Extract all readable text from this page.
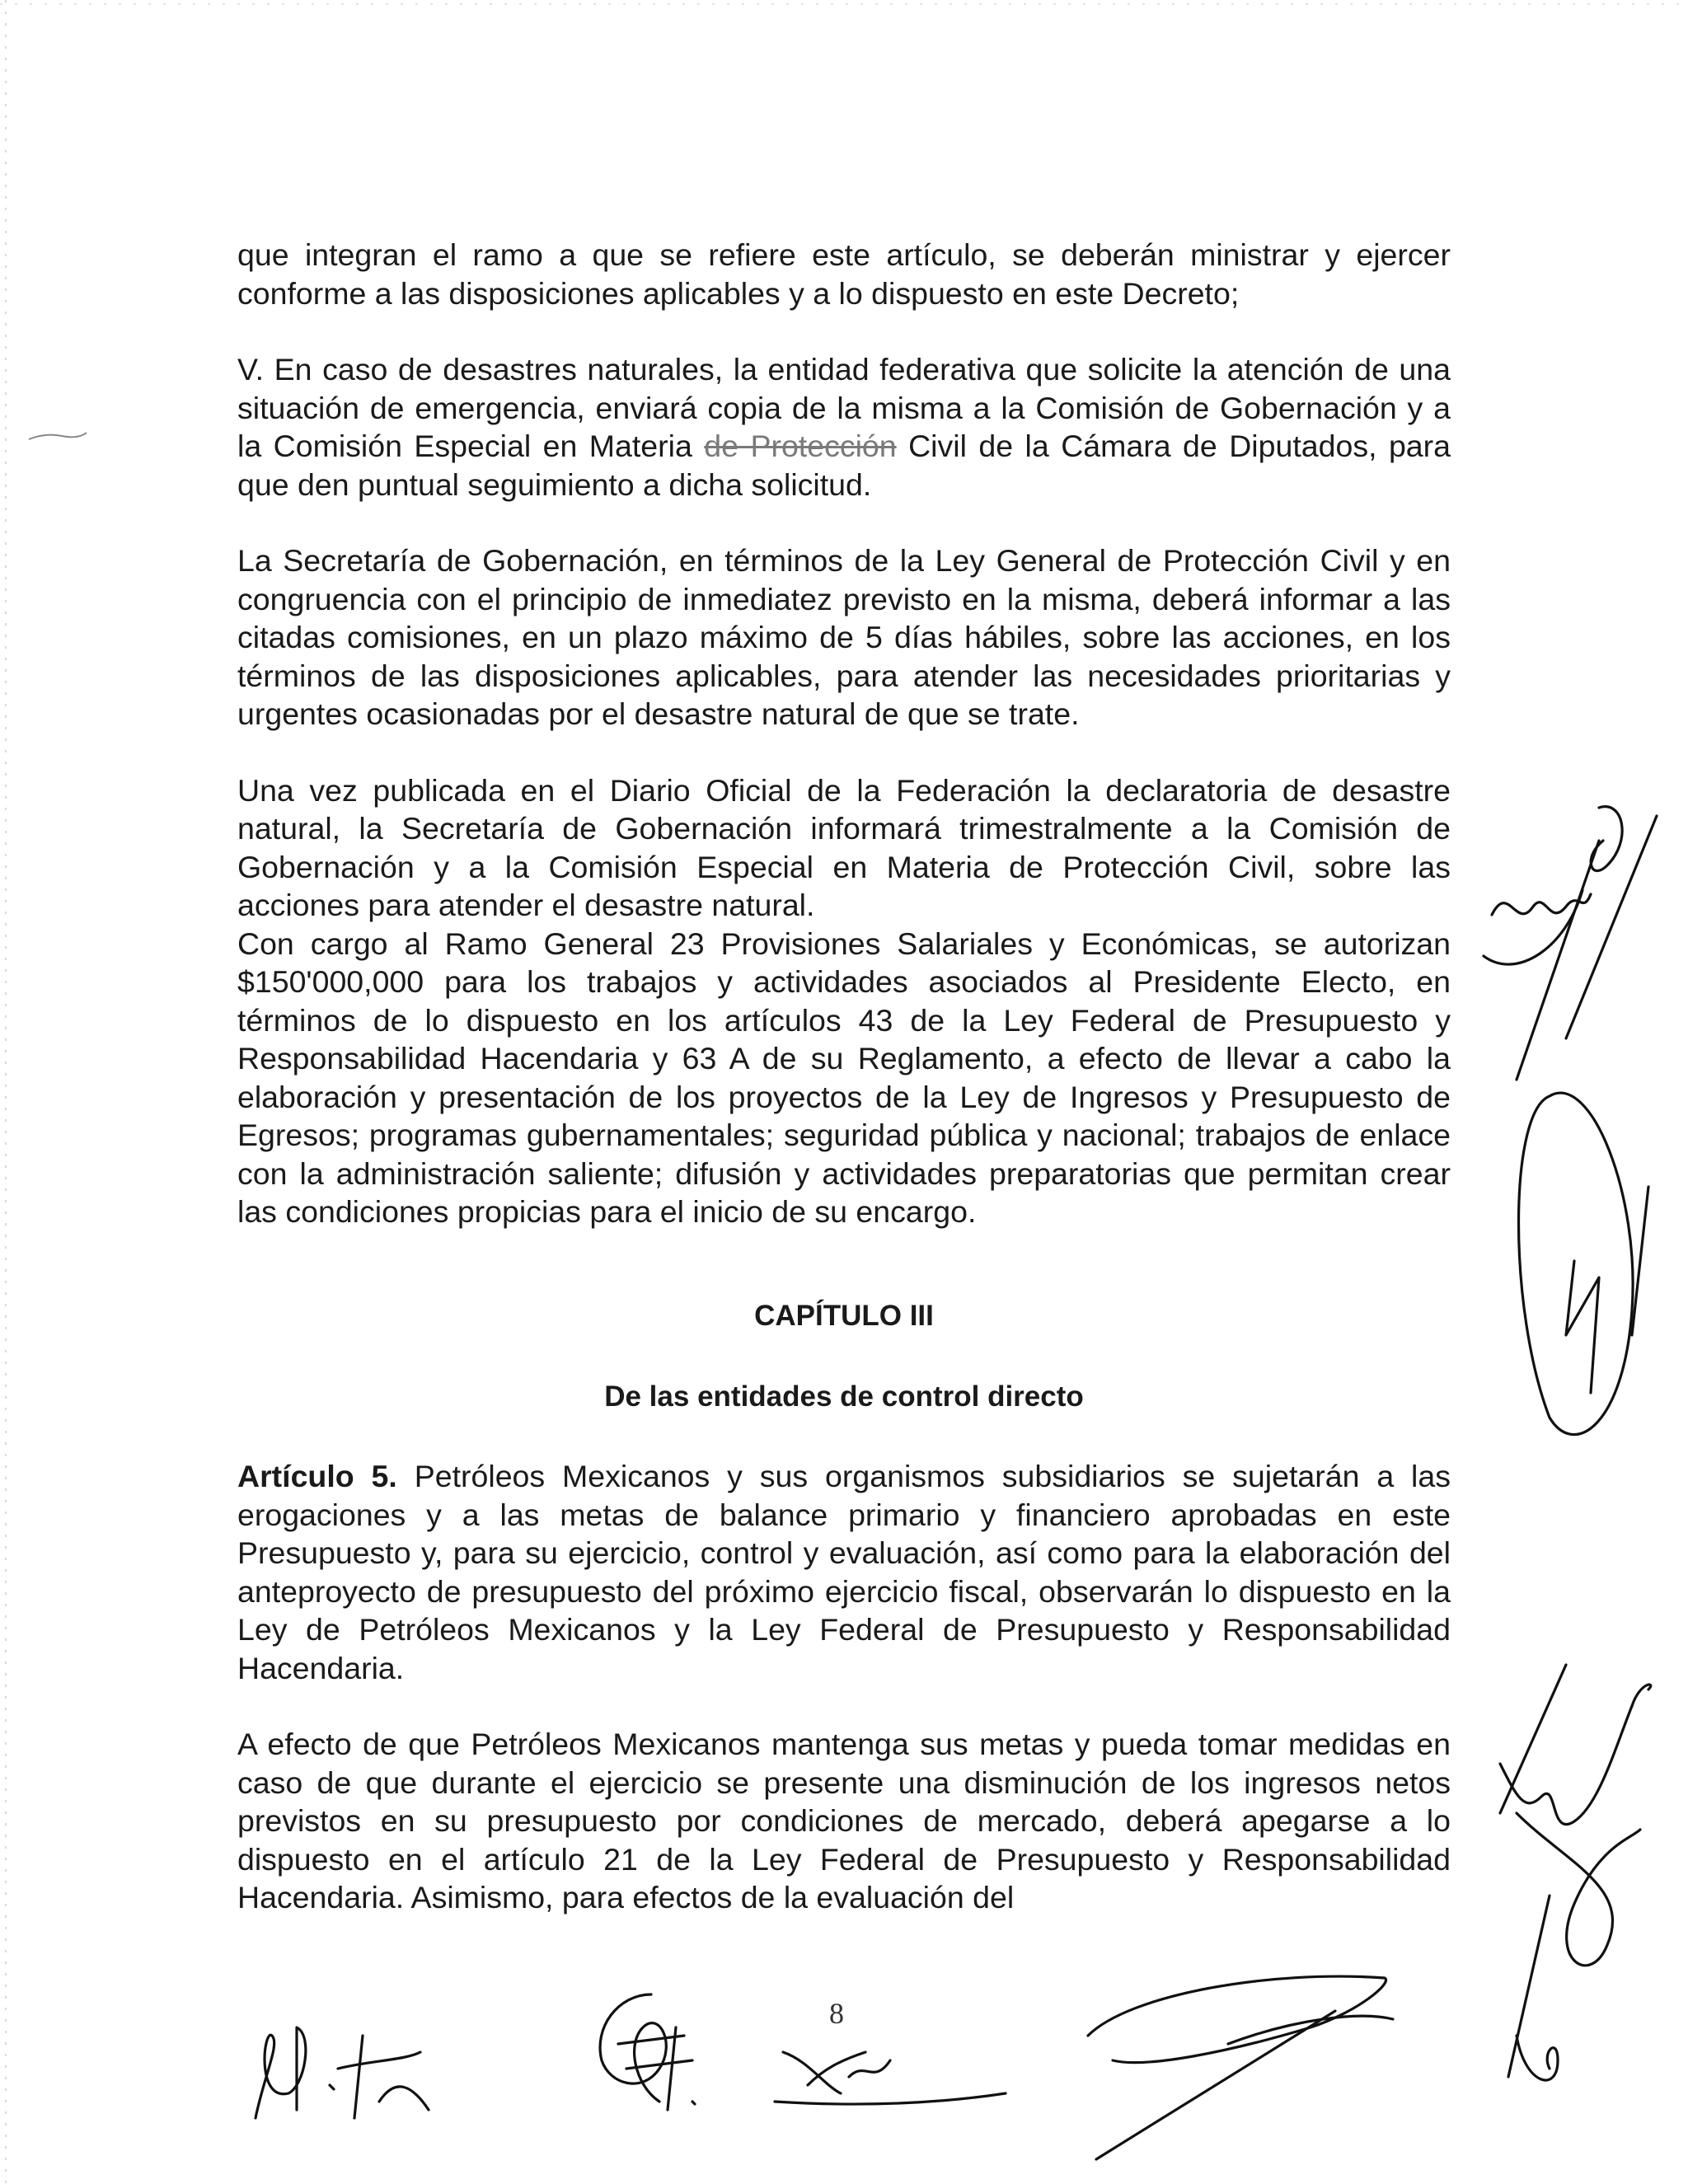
que integran el ramo a que se refiere este artículo, se deberán ministrar y ejercer conforme a las disposiciones aplicables y a lo dispuesto en este Decreto;

V. En caso de desastres naturales, la entidad federativa que solicite la atención de una situación de emergencia, enviará copia de la misma a la Comisión de Gobernación y a la Comisión Especial en Materia de Protección Civil de la Cámara de Diputados, para que den puntual seguimiento a dicha solicitud.

La Secretaría de Gobernación, en términos de la Ley General de Protección Civil y en congruencia con el principio de inmediatez previsto en la misma, deberá informar a las citadas comisiones, en un plazo máximo de 5 días hábiles, sobre las acciones, en los términos de las disposiciones aplicables, para atender las necesidades prioritarias y urgentes ocasionadas por el desastre natural de que se trate.

Una vez publicada en el Diario Oficial de la Federación la declaratoria de desastre natural, la Secretaría de Gobernación informará trimestralmente a la Comisión de Gobernación y a la Comisión Especial en Materia de Protección Civil, sobre las acciones para atender el desastre natural.

Con cargo al Ramo General 23 Provisiones Salariales y Económicas, se autorizan $150'000,000 para los trabajos y actividades asociados al Presidente Electo, en términos de lo dispuesto en los artículos 43 de la Ley Federal de Presupuesto y Responsabilidad Hacendaria y 63 A de su Reglamento, a efecto de llevar a cabo la elaboración y presentación de los proyectos de la Ley de Ingresos y Presupuesto de Egresos; programas gubernamentales; seguridad pública y nacional; trabajos de enlace con la administración saliente; difusión y actividades preparatorias que permitan crear las condiciones propicias para el inicio de su encargo.

CAPÍTULO III
De las entidades de control directo

Artículo 5. Petróleos Mexicanos y sus organismos subsidiarios se sujetarán a las erogaciones y a las metas de balance primario y financiero aprobadas en este Presupuesto y, para su ejercicio, control y evaluación, así como para la elaboración del anteproyecto de presupuesto del próximo ejercicio fiscal, observarán lo dispuesto en la Ley de Petróleos Mexicanos y la Ley Federal de Presupuesto y Responsabilidad Hacendaria.

A efecto de que Petróleos Mexicanos mantenga sus metas y pueda tomar medidas en caso de que durante el ejercicio se presente una disminución de los ingresos netos previstos en su presupuesto por condiciones de mercado, deberá apegarse a lo dispuesto en el artículo 21 de la Ley Federal de Presupuesto y Responsabilidad Hacendaria. Asimismo, para efectos de la evaluación del

8
